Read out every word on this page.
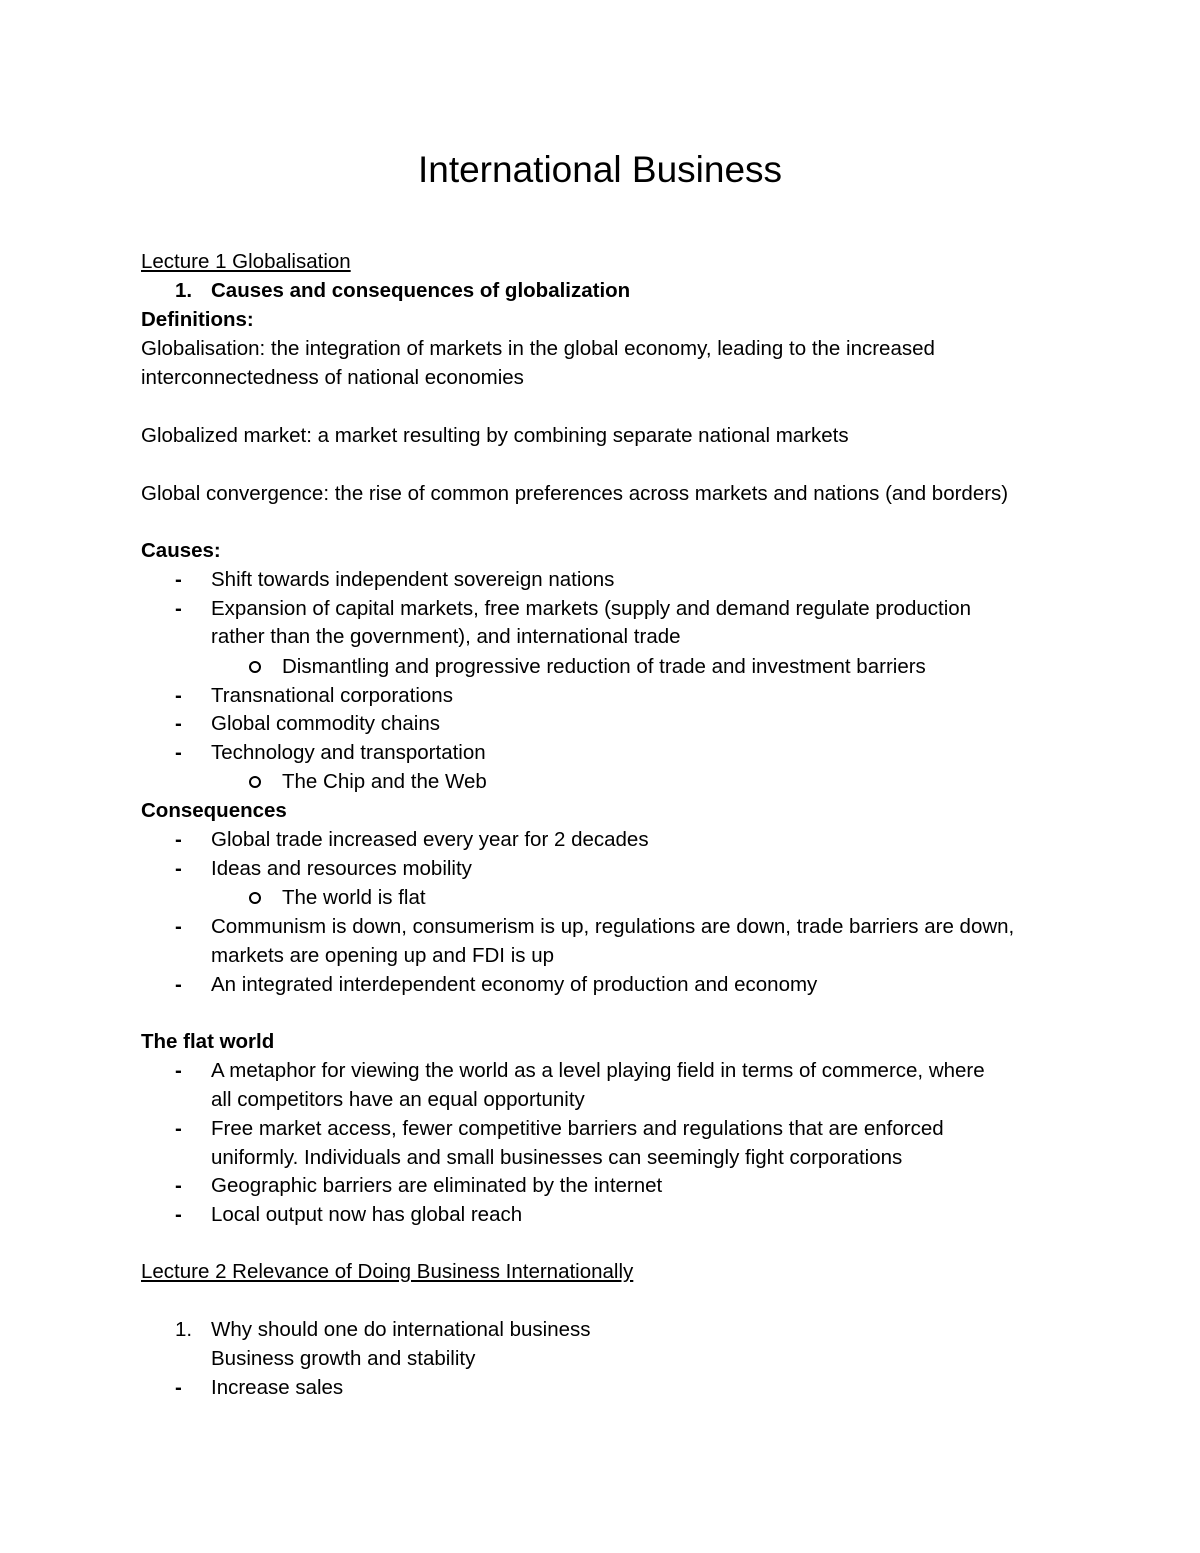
International Business
Lecture 1 Globalisation
1. Causes and consequences of globalization
Definitions:
Globalisation: the integration of markets in the global economy, leading to the increased
interconnectedness of national economies
Globalized market: a market resulting by combining separate national markets
Global convergence: the rise of common preferences across markets and nations (and borders)
Causes:
- Shift towards independent sovereign nations
- Expansion of capital markets, free markets (supply and demand regulate production
rather than the government), and international trade
Dismantling and progressive reduction of trade and investment barriers
- Transnational corporations
- Global commodity chains
- Technology and transportation
The Chip and the Web
Consequences
- Global trade increased every year for 2 decades
- Ideas and resources mobility
The world is flat
- Communism is down, consumerism is up, regulations are down, trade barriers are down,
markets are opening up and FDI is up
- An integrated interdependent economy of production and economy
The flat world
- A metaphor for viewing the world as a level playing field in terms of commerce, where
all competitors have an equal opportunity
- Free market access, fewer competitive barriers and regulations that are enforced
uniformly. Individuals and small businesses can seemingly fight corporations
- Geographic barriers are eliminated by the internet
- Local output now has global reach
Lecture 2 Relevance of Doing Business Internationally
1. Why should one do international business
Business growth and stability
- Increase sales
